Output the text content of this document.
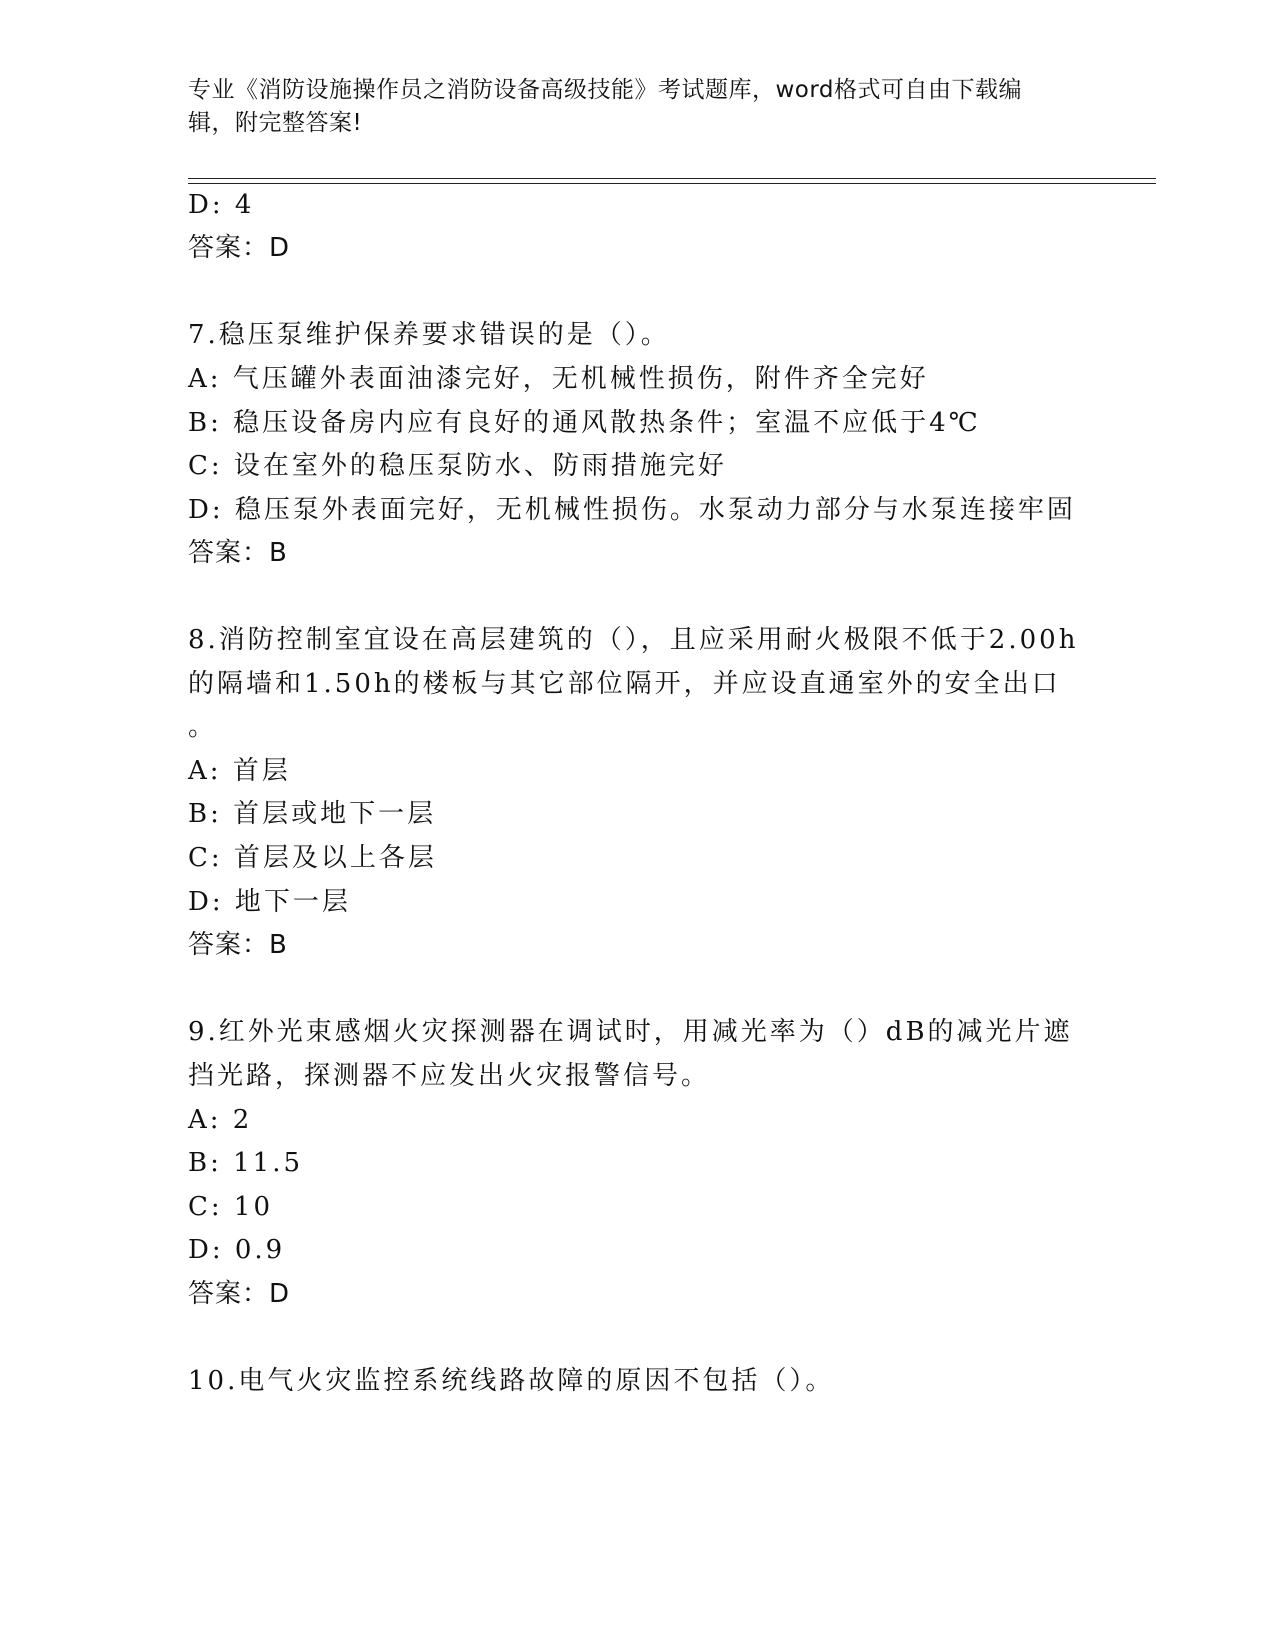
专业《消防设施操作员之消防设备高级技能》考试题库，word格式可自由下载编
辑，附完整答案!
D: 4
答案：D
7.稳压泵维护保养要求错误的是（）。
A: 气压罐外表面油漆完好，无机械性损伤，附件齐全完好
B: 稳压设备房内应有良好的通风散热条件；室温不应低于4℃
C: 设在室外的稳压泵防水、防雨措施完好
D: 稳压泵外表面完好，无机械性损伤。水泵动力部分与水泵连接牢固
答案：B
8.消防控制室宜设在高层建筑的（），且应采用耐火极限不低于2.00h
的隔墙和1.50h的楼板与其它部位隔开，并应设直通室外的安全出口
。
A: 首层
B: 首层或地下一层
C: 首层及以上各层
D: 地下一层
答案：B
9.红外光束感烟火灾探测器在调试时，用减光率为（）dB的减光片遮
挡光路，探测器不应发出火灾报警信号。
A: 2
B: 11.5
C: 10
D: 0.9
答案：D
10.电气火灾监控系统线路故障的原因不包括（）。
